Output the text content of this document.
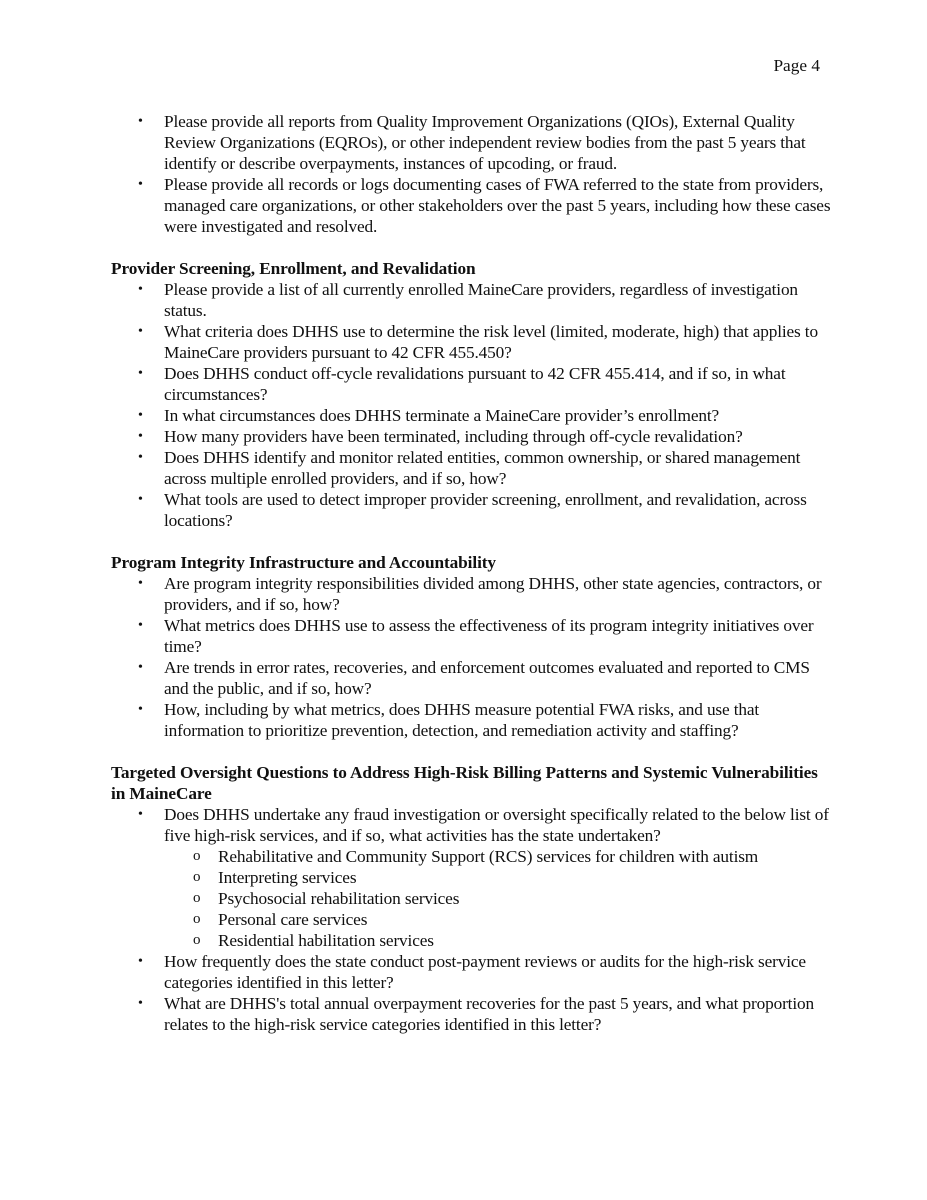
Page 4
• Please provide all reports from Quality Improvement Organizations (QIOs), External Quality Review Organizations (EQROs), or other independent review bodies from the past 5 years that identify or describe overpayments, instances of upcoding, or fraud.
• Please provide all records or logs documenting cases of FWA referred to the state from providers, managed care organizations, or other stakeholders over the past 5 years, including how these cases were investigated and resolved.
Provider Screening, Enrollment, and Revalidation
• Please provide a list of all currently enrolled MaineCare providers, regardless of investigation status.
• What criteria does DHHS use to determine the risk level (limited, moderate, high) that applies to MaineCare providers pursuant to 42 CFR 455.450?
• Does DHHS conduct off-cycle revalidations pursuant to 42 CFR 455.414, and if so, in what circumstances?
• In what circumstances does DHHS terminate a MaineCare provider’s enrollment?
• How many providers have been terminated, including through off-cycle revalidation?
• Does DHHS identify and monitor related entities, common ownership, or shared management across multiple enrolled providers, and if so, how?
• What tools are used to detect improper provider screening, enrollment, and revalidation, across locations?
Program Integrity Infrastructure and Accountability
• Are program integrity responsibilities divided among DHHS, other state agencies, contractors, or providers, and if so, how?
• What metrics does DHHS use to assess the effectiveness of its program integrity initiatives over time?
• Are trends in error rates, recoveries, and enforcement outcomes evaluated and reported to CMS and the public, and if so, how?
• How, including by what metrics, does DHHS measure potential FWA risks, and use that information to prioritize prevention, detection, and remediation activity and staffing?
Targeted Oversight Questions to Address High-Risk Billing Patterns and Systemic Vulnerabilities in MaineCare
• Does DHHS undertake any fraud investigation or oversight specifically related to the below list of five high-risk services, and if so, what activities has the state undertaken?
o Rehabilitative and Community Support (RCS) services for children with autism
o Interpreting services
o Psychosocial rehabilitation services
o Personal care services
o Residential habilitation services
• How frequently does the state conduct post-payment reviews or audits for the high-risk service categories identified in this letter?
• What are DHHS's total annual overpayment recoveries for the past 5 years, and what proportion relates to the high-risk service categories identified in this letter?
